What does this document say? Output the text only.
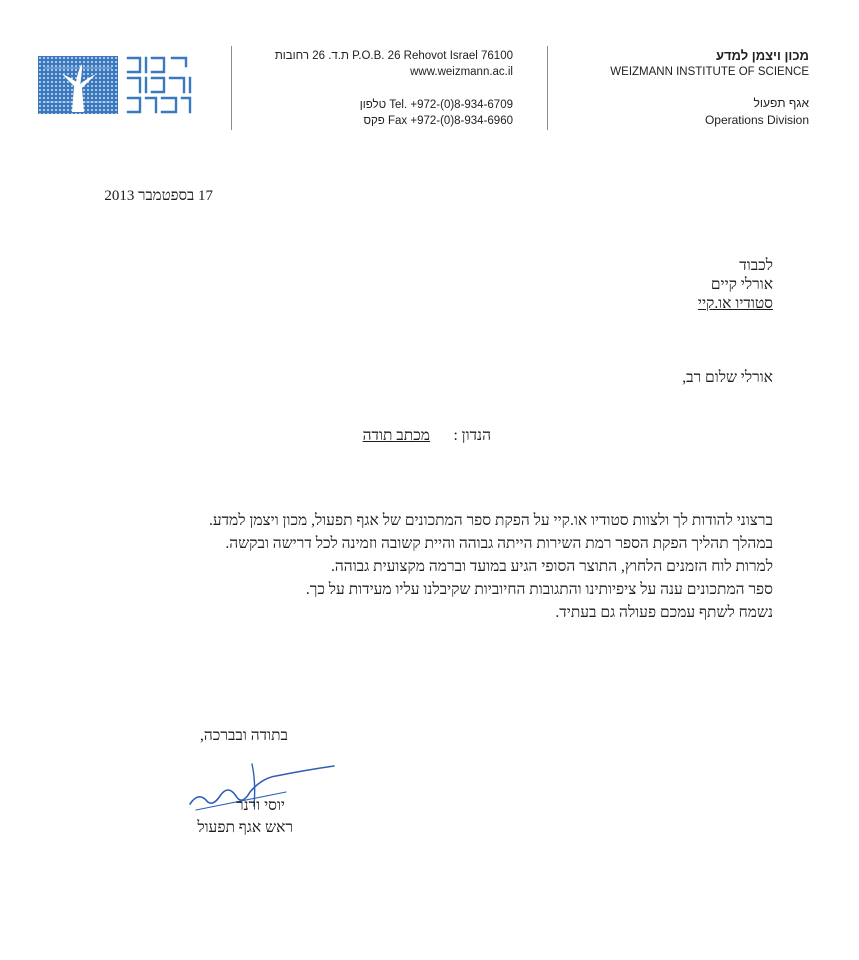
ת.ד. 26 רחובות P.O.B. 26 Rehovot Israel 76100
www.weizmann.ac.il
טלפון Tel. +972-(0)8-934-6709
פקס Fax +972-(0)8-934-6960
מכון ויצמן למדע
WEIZMANN INSTITUTE OF SCIENCE
אגף תפעול
Operations Division
17 בספטמבר 2013
לכבוד
אורלי קיים
סטודיו או.קיי
אורלי שלום רב,
הנדון :
מכתב תודה
ברצוני להודות לך ולצוות סטודיו או.קיי על הפקת ספר המתכונים של אגף תפעול, מכון ויצמן למדע.
במהלך תהליך הפקת הספר רמת השירות הייתה גבוהה והיית קשובה וזמינה לכל דרישה ובקשה.
למרות לוח הזמנים הלחוץ, התוצר הסופי הגיע במועד וברמה מקצועית גבוהה.
ספר המתכונים ענה על ציפיותינו והתגובות החיוביות שקיבלנו עליו מעידות על כך.
נשמח לשתף עמכם פעולה גם בעתיד.
בתודה ובברכה,
יוסי ורנר
ראש אגף תפעול
